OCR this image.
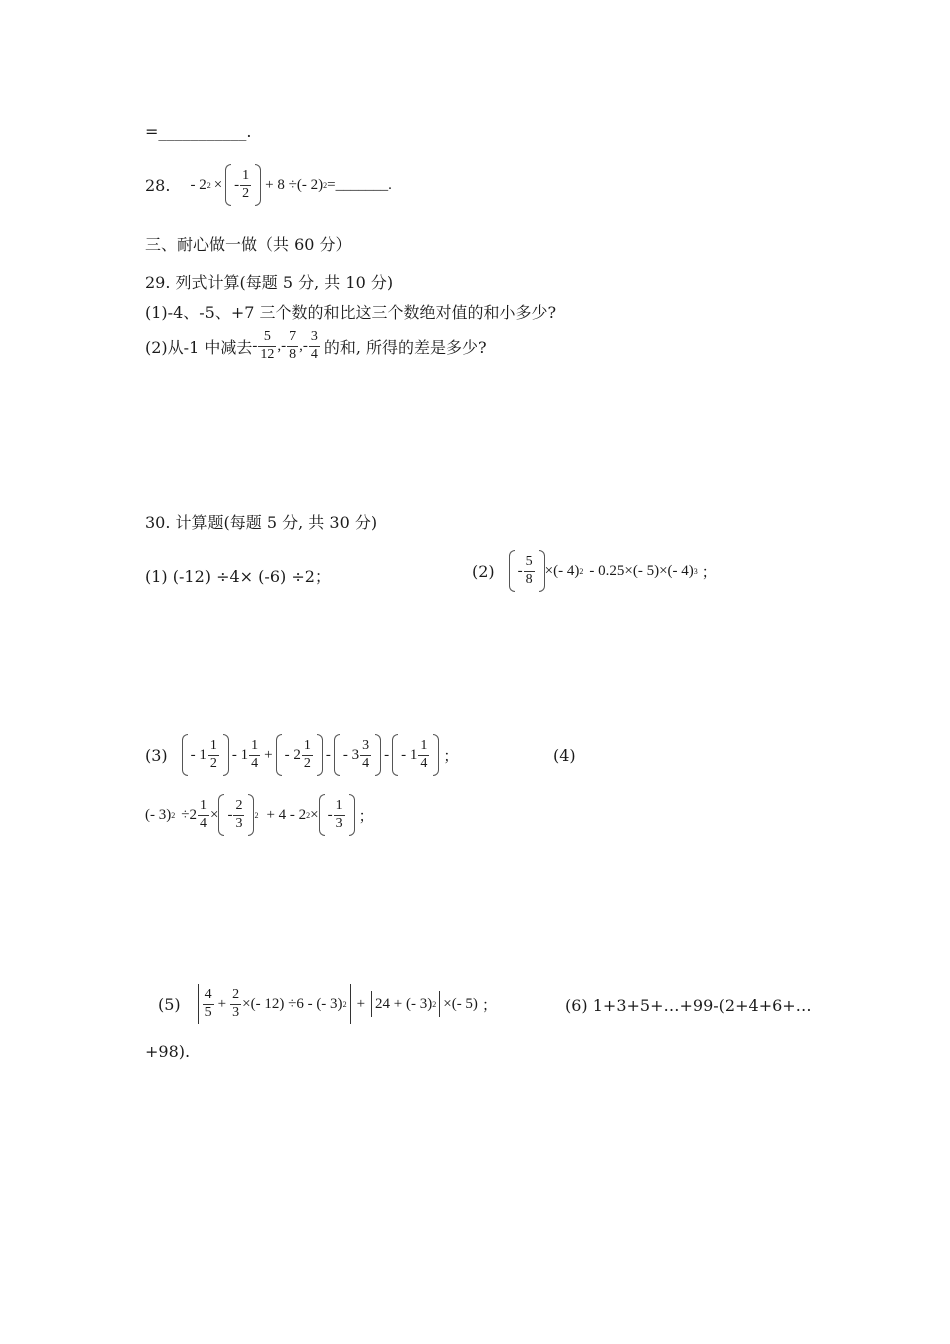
=___________.
28. - 2 2 × - $\frac{1}{2} + 8$ ÷(- 2) 2 = _______ .
三、耐心做一做（共 60 分）
29. 列式计算(每题 5 分, 共 10 分)
(1)-4、-5、+7 三个数的和比这三个数绝对值的和小多少?
(2)从-1 中减去 - $\frac{5}{12}$ ,- $\frac{7}{8}$ ,- $\frac{3}{4}$ 的和, 所得的差是多少?
30. 计算题(每题 5 分, 共 30 分)
(1) (-12) ÷4× (-6) ÷2；	$(2) - \frac{5}{8}$ ×(- 4) 2 - 0.25×(- 5)×(- 4) 3 ；
$(3) - 1 \frac{1}{2} - 1 \frac{1}{4}$ + - $2 \frac{1}{2}$ - - $3 \frac{3}{4}$ - - $1 \frac{1}{4}$ ；	(4)
(- 3) $2 \div 2 \frac{1}{4}$ × - $\frac{2}{3} 2 + 4 - 2$ 2 × - $\frac{1}{3}$ ；
$(5) \frac{4}{5} + \frac{2}{3}$ ×(- 12) ÷6 - (- 3) 2 + 24 + (- 3) 2 ×(- 5) ；	(6) 1+3+5+…+99-(2+4+6+…
+98).
